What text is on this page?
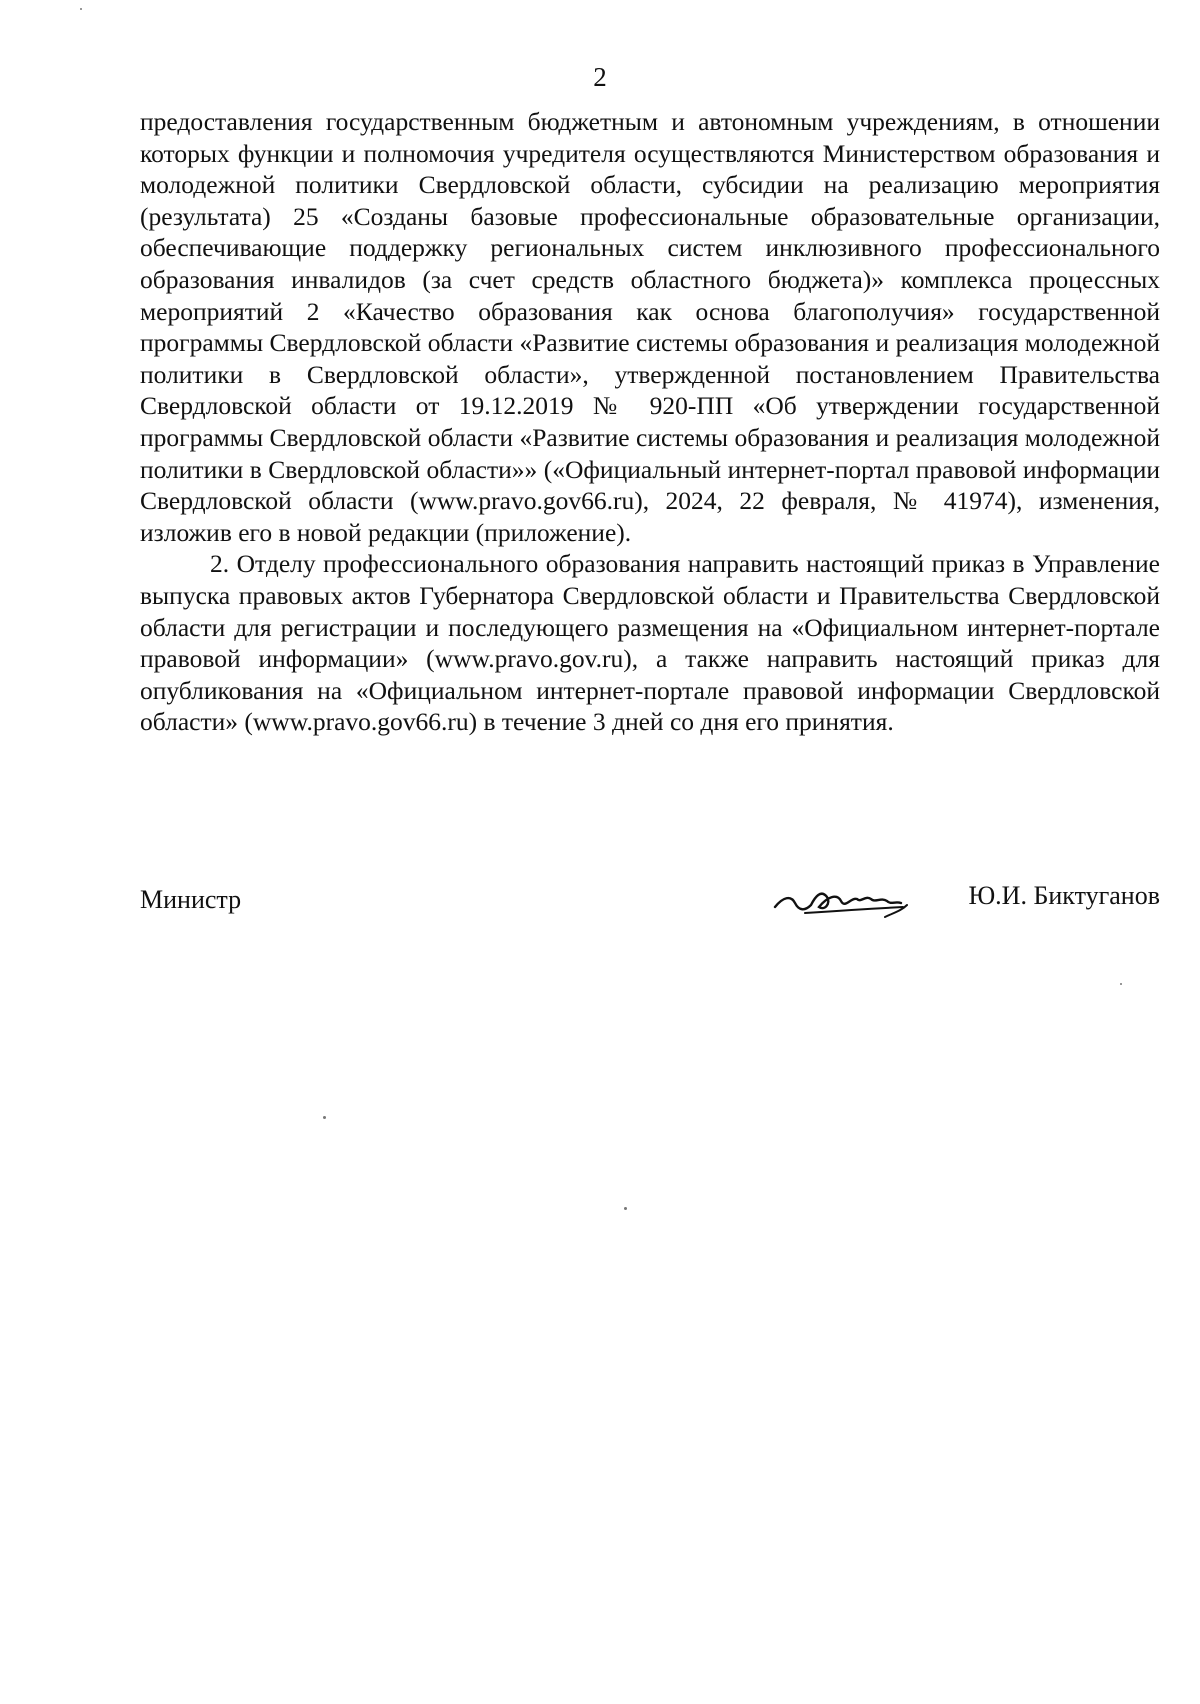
2

предоставления государственным бюджетным и автономным учреждениям, в отношении которых функции и полномочия учредителя осуществляются Министерством образования и молодежной политики Свердловской области, субсидии на реализацию мероприятия (результата) 25 «Созданы базовые профессиональные образовательные организации, обеспечивающие поддержку региональных систем инклюзивного профессионального образования инвалидов (за счет средств областного бюджета)» комплекса процессных мероприятий 2 «Качество образования как основа благополучия» государственной программы Свердловской области «Развитие системы образования и реализация молодежной политики в Свердловской области», утвержденной постановлением Правительства Свердловской области от 19.12.2019 № 920-ПП «Об утверждении государственной программы Свердловской области «Развитие системы образования и реализация молодежной политики в Свердловской области»» («Официальный интернет-портал правовой информации Свердловской области (www.pravo.gov66.ru), 2024, 22 февраля, № 41974), изменения, изложив его в новой редакции (приложение).

2. Отделу профессионального образования направить настоящий приказ в Управление выпуска правовых актов Губернатора Свердловской области и Правительства Свердловской области для регистрации и последующего размещения на «Официальном интернет-портале правовой информации» (www.pravo.gov.ru), а также направить настоящий приказ для опубликования на «Официальном интернет-портале правовой информации Свердловской области» (www.pravo.gov66.ru) в течение 3 дней со дня его принятия.

Министр	Ю.И. Биктуганов
